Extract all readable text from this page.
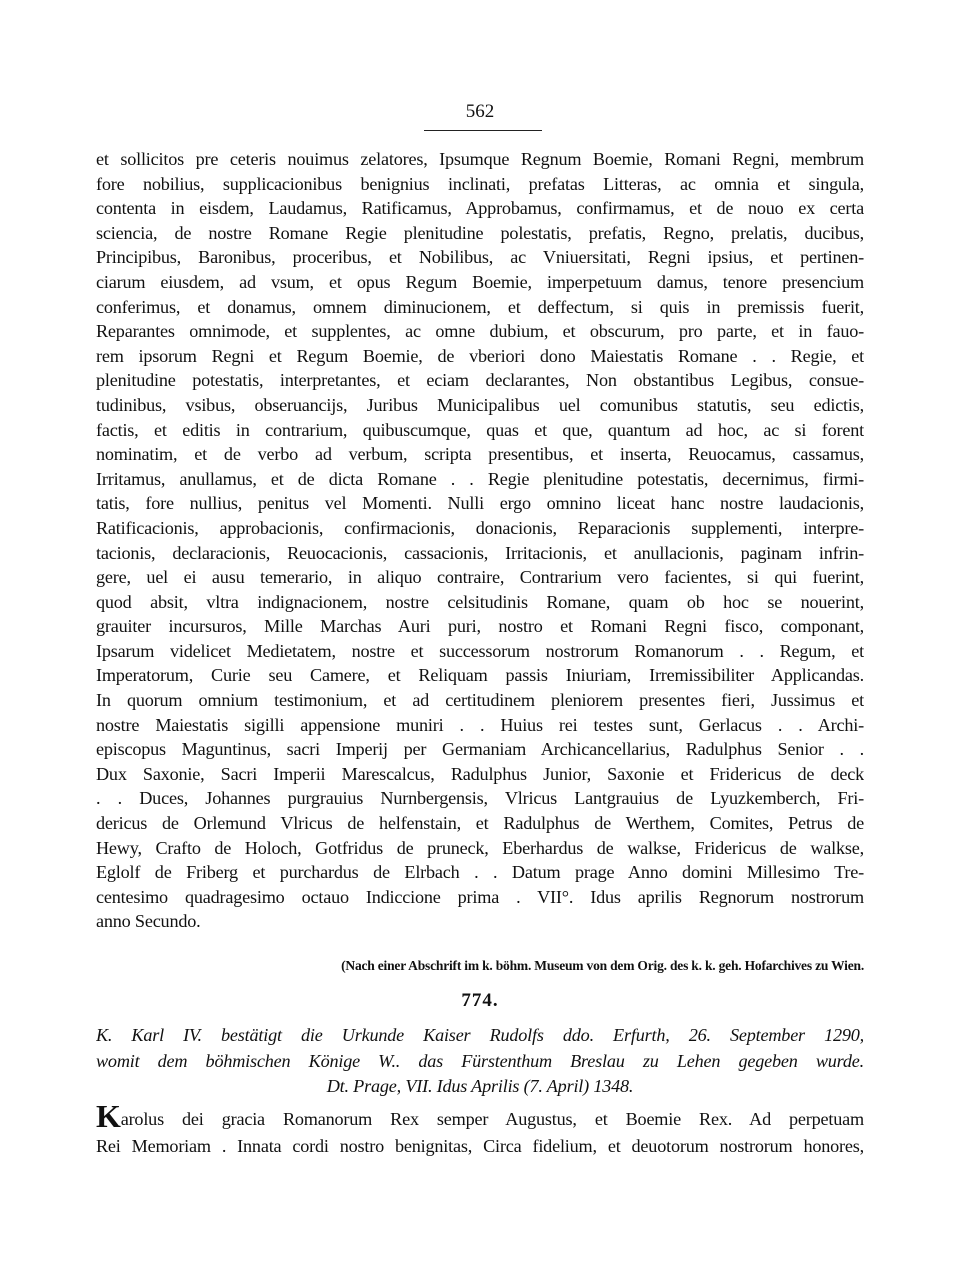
562
et sollicitos pre ceteris nouimus zelatores, Ipsumque Regnum Boemie, Romani Regni, membrum
fore nobilius, supplicacionibus benignius inclinati, prefatas Litteras, ac omnia et singula,
contenta in eisdem, Laudamus, Ratificamus, Approbamus, confirmamus, et de nouo ex certa
sciencia, de nostre Romane Regie plenitudine polestatis, prefatis, Regno, prelatis, ducibus,
Principibus, Baronibus, proceribus, et Nobilibus, ac Vniuersitati, Regni ipsius, et pertinen-
ciarum eiusdem, ad vsum, et opus Regum Boemie, imperpetuum damus, tenore presencium
conferimus, et donamus, omnem diminucionem, et deffectum, si quis in premissis fuerit,
Reparantes omnimode, et supplentes, ac omne dubium, et obscurum, pro parte, et in fauo-
rem ipsorum Regni et Regum Boemie, de vberiori dono Maiestatis Romane . . Regie, et
plenitudine potestatis, interpretantes, et eciam declarantes, Non obstantibus Legibus, consue-
tudinibus, vsibus, obseruancijs, Juribus Municipalibus uel comunibus statutis, seu edictis,
factis, et editis in contrarium, quibuscumque, quas et que, quantum ad hoc, ac si forent
nominatim, et de verbo ad verbum, scripta presentibus, et inserta, Reuocamus, cassamus,
Irritamus, anullamus, et de dicta Romane . . Regie plenitudine potestatis, decernimus, firmi-
tatis, fore nullius, penitus vel Momenti. Nulli ergo omnino liceat hanc nostre laudacionis,
Ratificacionis, approbacionis, confirmacionis, donacionis, Reparacionis supplementi, interpre-
tacionis, declaracionis, Reuocacionis, cassacionis, Irritacionis, et anullacionis, paginam infrin-
gere, uel ei ausu temerario, in aliquo contraire, Contrarium vero facientes, si qui fuerint,
quod absit, vltra indignacionem, nostre celsitudinis Romane, quam ob hoc se nouerint,
grauiter incursuros, Mille Marchas Auri puri, nostro et Romani Regni fisco, componant,
Ipsarum videlicet Medietatem, nostre et successorum nostrorum Romanorum . . Regum, et
Imperatorum, Curie seu Camere, et Reliquam passis Iniuriam, Irremissibiliter Applicandas.
In quorum omnium testimonium, et ad certitudinem pleniorem presentes fieri, Jussimus et
nostre Maiestatis sigilli appensione muniri . . Huius rei testes sunt, Gerlacus . . Archi-
episcopus Maguntinus, sacri Imperij per Germaniam Archicancellarius, Radulphus Senior . .
Dux Saxonie, Sacri Imperii Marescalcus, Radulphus Junior, Saxonie et Fridericus de deck
. . Duces, Johannes purgrauius Nurnbergensis, Vlricus Lantgrauius de Lyuzkemberch, Fri-
dericus de Orlemund Vlricus de helfenstain, et Radulphus de Werthem, Comites, Petrus de
Hewy, Crafto de Holoch, Gotfridus de pruneck, Eberhardus de walkse, Fridericus de walkse,
Eglolf de Friberg et purchardus de Elrbach . . Datum prage Anno domini Millesimo Tre-
centesimo quadragesimo octauo Indiccione prima . VII°. Idus aprilis Regnorum nostrorum
anno Secundo.
(Nach einer Abschrift im k. böhm. Museum von dem Orig. des k. k. geh. Hofarchives zu Wien.
774.
K. Karl IV. bestätigt die Urkunde Kaiser Rudolfs ddo. Erfurth, 26. September 1290,
womit dem böhmischen Könige W.. das Fürstenthum Breslau zu Lehen gegeben wurde.
Dt. Prage, VII. Idus Aprilis (7. April) 1348.
Karolus dei gracia Romanorum Rex semper Augustus, et Boemie Rex. Ad perpetuam
Rei Memoriam . Innata cordi nostro benignitas, Circa fidelium, et deuotorum nostrorum honores,
